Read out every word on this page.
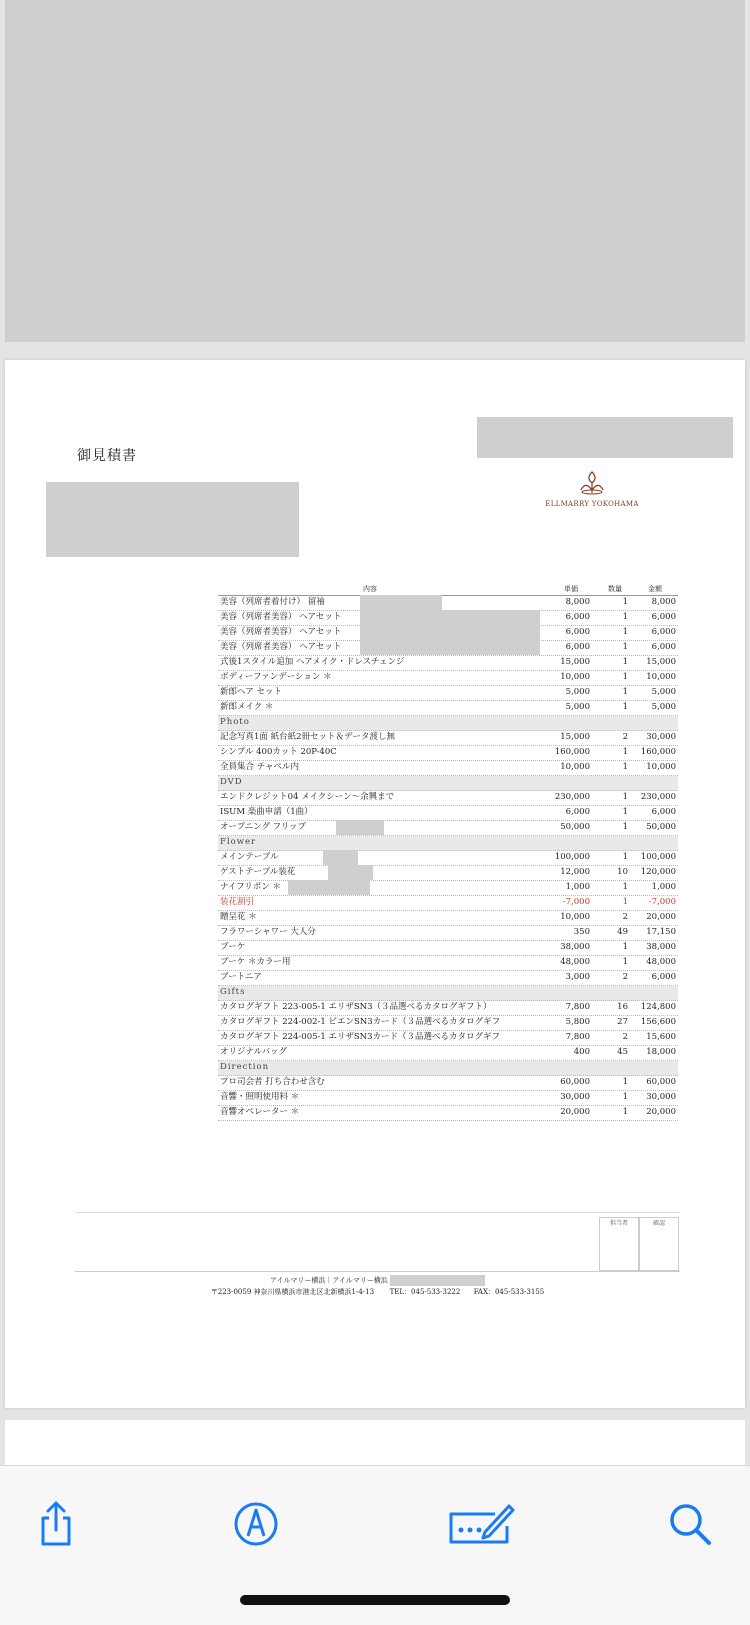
御見積書
ELLMARRY YOKOHAMA
内容	単価	数量	金額
美容（列席者着付け） 留袖	8,000	1	8,000
美容（列席者美容） ヘアセット	6,000	1	6,000
美容（列席者美容） ヘアセット	6,000	1	6,000
美容（列席者美容） ヘアセット	6,000	1	6,000
式後1スタイル追加 ヘアメイク・ドレスチェンジ	15,000	1 15,000
ボディーファンデーション ＊	10,000	1 10,000
新郎ヘア セット	5,000	1	5,000
新郎メイク ＊	5,000	1	5,000
Photo
記念写真1面 紙台紙2冊セット＆データ渡し無	15,000	2 30,000
シンプル 400カット 20P-40C	160,000	1 160,000
全員集合 チャペル内	10,000	1 10,000
DVD
エンドクレジット04 メイクシーン～余興まで	230,000	1 230,000
ISUM 楽曲申請（1曲）	6,000	1	6,000
オープニング フリップ	50,000	1 50,000
Flower
メインテーブル	100,000	1 100,000
ゲストテーブル装花	12,000	10 120,000
ナイフリボン ＊	1,000	1	1,000
装花割引	-7,000	1 -7,000
贈呈花 ＊	10,000	2 20,000
フラワーシャワー 大人分	350	49 17,150
ブーケ	38,000	1 38,000
ブーケ ＊カラー用	48,000	1 48,000
ブートニア	3,000	2	6,000
Gifts
カタログギフト 223-005-1 エリザSN3（３品選べるカタログギフト）	7,800	16 124,800
カタログギフト 224-002-1 ビエンSN3カード（３品選べるカタログギフ	5,800	27 156,600
カタログギフト 224-005-1 エリザSN3カード（３品選べるカタログギフ	7,800	2 15,600
オリジナルバッグ	400	45 18,000
Direction
プロ司会者 打ち合わせ含む	60,000	1 60,000
音響・照明使用料 ＊	30,000	1 30,000
音響オペレーター ＊	20,000	1 20,000
担当者	確認
アイルマリー横浜｜アイルマリー横浜
〒223-0059 神奈川県横浜市港北区北新横浜1-4-13 TEL：045-533-3222 FAX：045-533-3155
